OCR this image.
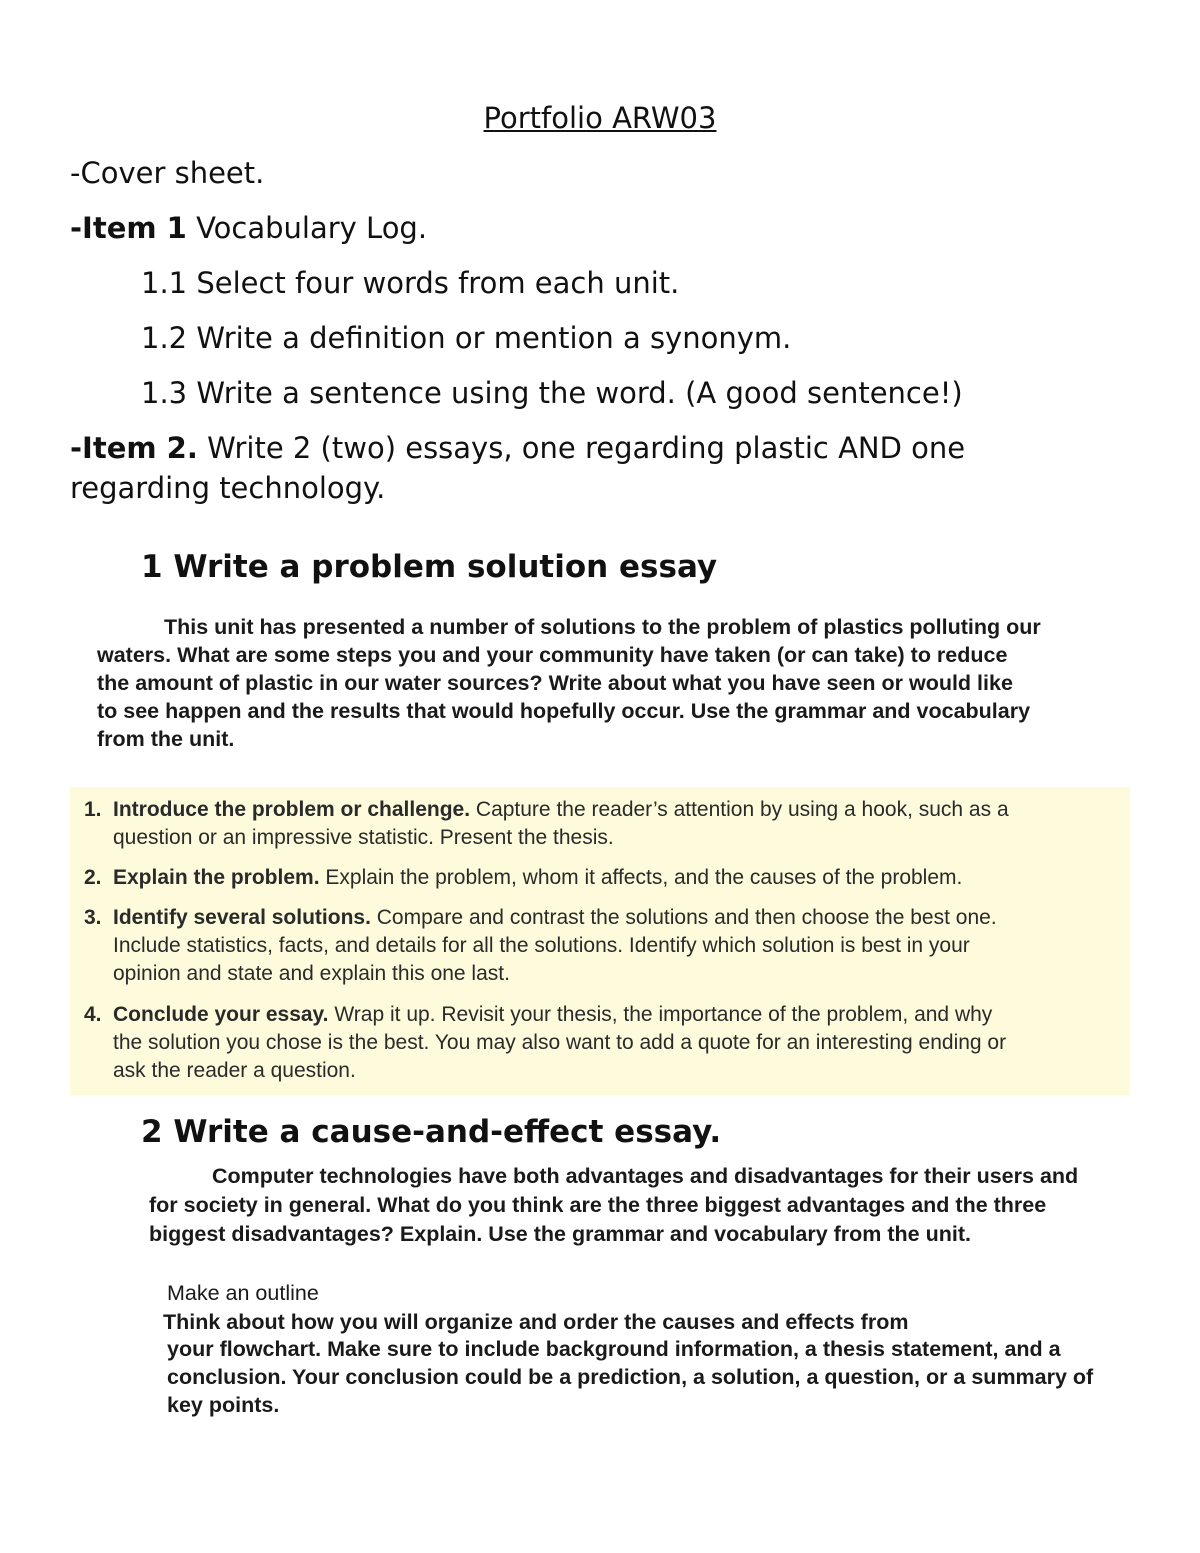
Portfolio ARW03

-Cover sheet.

-Item 1 Vocabulary Log.

1.1 Select four words from each unit.

1.2 Write a definition or mention a synonym.

1.3 Write a sentence using the word. (A good sentence!)

-Item 2. Write 2 (two) essays, one regarding plastic AND one

regarding technology.

1 Write a problem solution essay

This unit has presented a number of solutions to the problem of plastics polluting our

waters. What are some steps you and your community have taken (or can take) to reduce

the amount of plastic in our water sources? Write about what you have seen or would like

to see happen and the results that would hopefully occur. Use the grammar and vocabulary

from the unit.

1. Introduce the problem or challenge. Capture the reader’s attention by using a hook, such as a
question or an impressive statistic. Present the thesis.
2. Explain the problem. Explain the problem, whom it affects, and the causes of the problem.
3. Identify several solutions. Compare and contrast the solutions and then choose the best one.
Include statistics, facts, and details for all the solutions. Identify which solution is best in your
opinion and state and explain this one last.
4. Conclude your essay. Wrap it up. Revisit your thesis, the importance of the problem, and why
the solution you chose is the best. You may also want to add a quote for an interesting ending or
ask the reader a question.

2 Write a cause-and-effect essay.

Computer technologies have both advantages and disadvantages for their users and

for society in general. What do you think are the three biggest advantages and the three

biggest disadvantages? Explain. Use the grammar and vocabulary from the unit.

Make an outline

Think about how you will organize and order the causes and effects from

your flowchart. Make sure to include background information, a thesis statement, and a

conclusion. Your conclusion could be a prediction, a solution, a question, or a summary of

key points.
